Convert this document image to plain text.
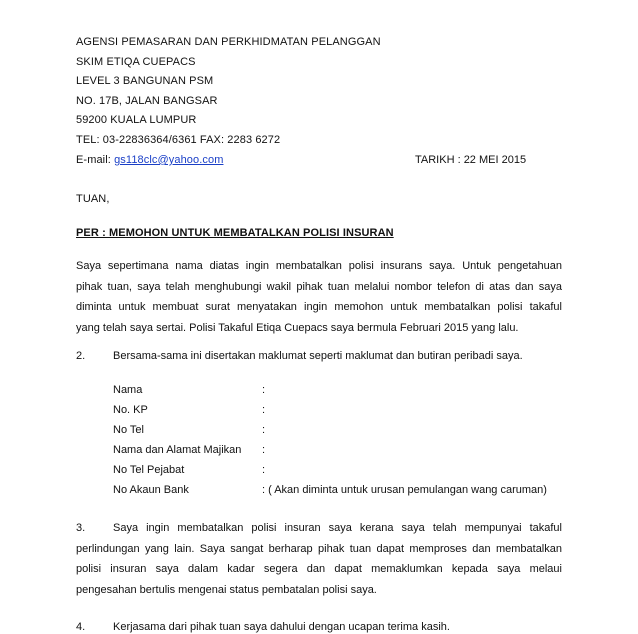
AGENSI PEMASARAN DAN PERKHIDMATAN PELANGGAN
SKIM ETIQA CUEPACS
LEVEL 3 BANGUNAN PSM
NO. 17B, JALAN BANGSAR
59200 KUALA LUMPUR
TEL: 03-22836364/6361 FAX: 2283 6272
E-mail: gs118clc@yahoo.com	TARIKH : 22 MEI 2015
TUAN,
PER : MEMOHON UNTUK MEMBATALKAN POLISI INSURAN
Saya sepertimana nama diatas ingin membatalkan polisi insurans saya. Untuk pengetahuan
pihak tuan, saya telah menghubungi wakil pihak tuan melalui nombor telefon di atas dan saya
diminta untuk membuat surat menyatakan ingin memohon untuk membatalkan polisi takaful
yang telah saya sertai. Polisi Takaful Etiqa Cuepacs saya bermula Februari 2015 yang lalu.
2.	Bersama-sama ini disertakan maklumat seperti maklumat dan butiran peribadi saya.
Nama	:
No. KP	:
No Tel	:
Nama dan Alamat Majikan :
No Tel Pejabat	:
No Akaun Bank	: ( Akan diminta untuk urusan pemulangan wang caruman)
3.	Saya ingin membatalkan polisi insuran saya kerana saya telah mempunyai takaful
perlindungan yang lain. Saya sangat berharap pihak tuan dapat memproses dan membatalkan
polisi insuran saya dalam kadar segera dan dapat memaklumkan kepada saya melaui
pengesahan bertulis mengenai status pembatalan polisi saya.
4.	Kerjasama dari pihak tuan saya dahului dengan ucapan terima kasih.
